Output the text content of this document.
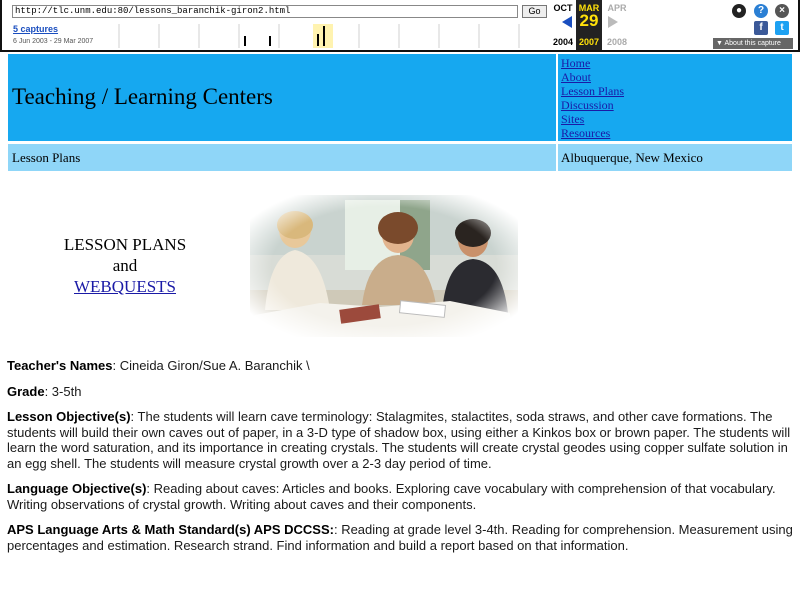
http://tlc.unm.edu:80/lessons_baranchik-giron2.html	Go
5 captures
6 Jun 2003 - 29 Mar 2007
OCT MAR
29
APR
2004 2007 2008
●	?	×
f	t
▼ About this capture
Teaching / Learning Centers
Home
About
Lesson Plans
Discussion
Sites
Resources
Lesson Plans	Albuquerque, New Mexico
LESSON PLANS
and
WEBQUESTS

Teacher's Names: Cineida Giron/Sue A. Baranchik \

Grade: 3-5th

Lesson Objective(s): The students will learn cave terminology: Stalagmites, stalactites, soda straws, and other cave formations. The students will build their own caves out of paper, in a 3-D type of shadow box, using either a Kinkos box or brown paper. The students will learn the word saturation, and its importance in creating crystals. The students will create crystal geodes using copper sulfate solution in an egg shell. The students will measure crystal growth over a 2-3 day period of time.

Language Objective(s): Reading about caves: Articles and books. Exploring cave vocabulary with comprehension of that vocabulary. Writing observations of crystal growth. Writing about caves and their components.

APS Language Arts & Math Standard(s) APS DCCSS:: Reading at grade level 3-4th. Reading for comprehension. Measurement using percentages and estimation. Research strand. Find information and build a report based on that information.
